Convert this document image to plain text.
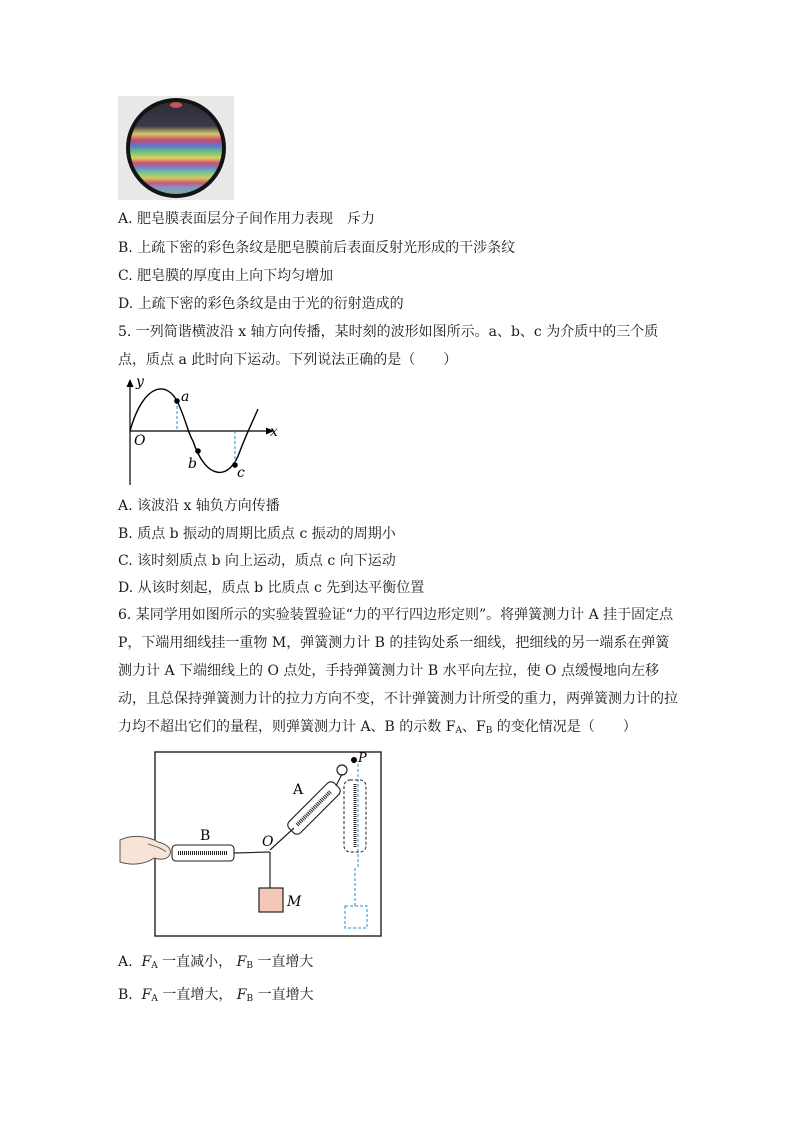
A. 肥皂膜表面层分子间作用力表现　斥力
B. 上疏下密的彩色条纹是肥皂膜前后表面反射光形成的干涉条纹
C. 肥皂膜的厚度由上向下均匀增加
D. 上疏下密的彩色条纹是由于光的衍射造成的
5. 一列简谐横波沿 x 轴方向传播，某时刻的波形如图所示。a、b、c 为介质中的三个质点，质点 a 此时向下运动。下列说法正确的是（　　）
y
x
O
a
b
c
A. 该波沿 x 轴负方向传播
B. 质点 b 振动的周期比质点 c 振动的周期小
C. 该时刻质点 b 向上运动，质点 c 向下运动
D. 从该时刻起，质点 b 比质点 c 先到达平衡位置
6. 某同学用如图所示的实验装置验证“力的平行四边形定则”。将弹簧测力计 A 挂于固定点 P，下端用细线挂一重物 M，弹簧测力计 B 的挂钩处系一细线，把细线的另一端系在弹簧测力计 A 下端细线上的 O 点处，手持弹簧测力计 B 水平向左拉，使 O 点缓慢地向左移动，且总保持弹簧测力计的拉力方向不变，不计弹簧测力计所受的重力，两弹簧测力计的拉力均不超出它们的量程，则弹簧测力计 A、B 的示数 $F_A$、$F_B$ 的变化情况是（　　）
P
A
B	O
M
A. $F_A$ 一直减小， $F_B$ 一直增大
B. $F_A$ 一直增大， $F_B$ 一直增大
